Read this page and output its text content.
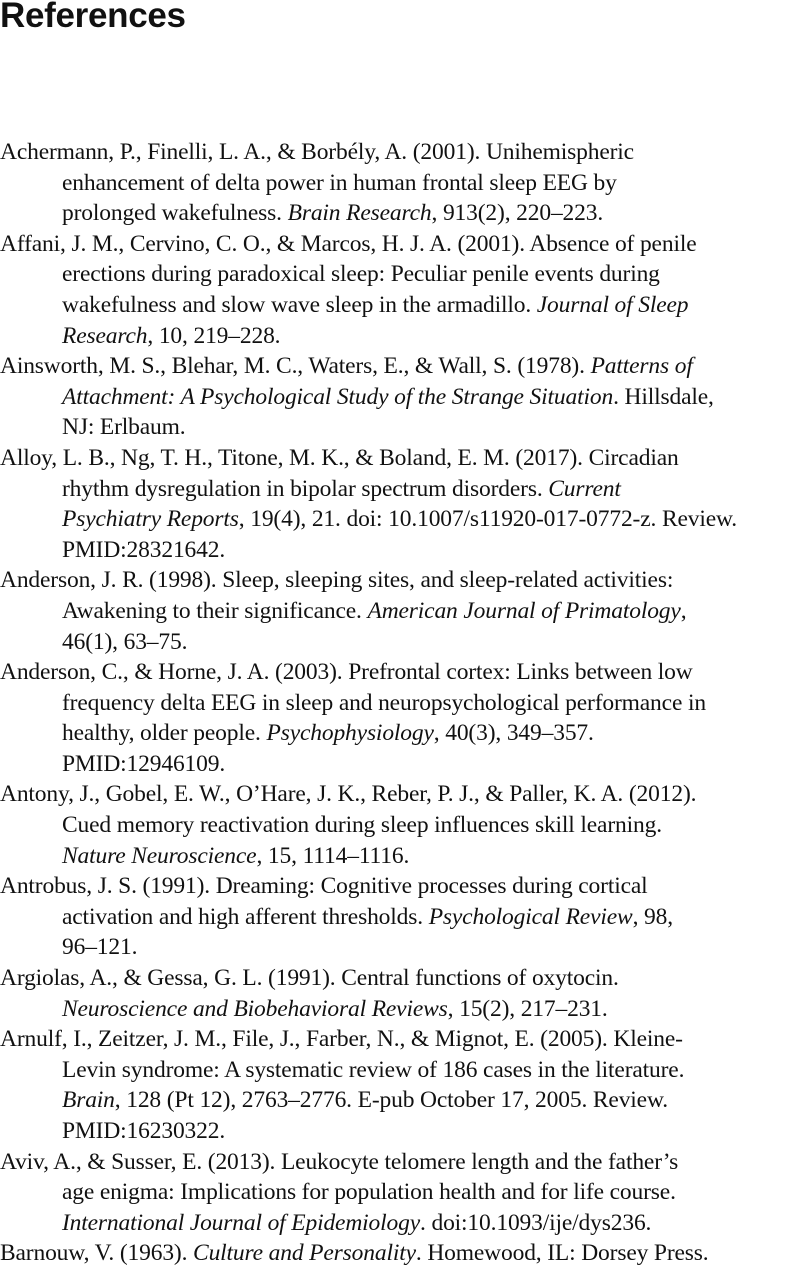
References
Achermann, P., Finelli, L. A., & Borbély, A. (2001). Unihemispheric
enhancement of delta power in human frontal sleep EEG by
prolonged wakefulness. Brain Research, 913(2), 220–223.
Affani, J. M., Cervino, C. O., & Marcos, H. J. A. (2001). Absence of penile
erections during paradoxical sleep: Peculiar penile events during
wakefulness and slow wave sleep in the armadillo. Journal of Sleep
Research, 10, 219–228.
Ainsworth, M. S., Blehar, M. C., Waters, E., & Wall, S. (1978). Patterns of
Attachment: A Psychological Study of the Strange Situation. Hillsdale,
NJ: Erlbaum.
Alloy, L. B., Ng, T. H., Titone, M. K., & Boland, E. M. (2017). Circadian
rhythm dysregulation in bipolar spectrum disorders. Current
Psychiatry Reports, 19(4), 21. doi: 10.1007/s11920-017-0772-z. Review.
PMID:28321642.
Anderson, J. R. (1998). Sleep, sleeping sites, and sleep-related activities:
Awakening to their significance. American Journal of Primatology,
46(1), 63–75.
Anderson, C., & Horne, J. A. (2003). Prefrontal cortex: Links between low
frequency delta EEG in sleep and neuropsychological performance in
healthy, older people. Psychophysiology, 40(3), 349–357.
PMID:12946109.
Antony, J., Gobel, E. W., O’Hare, J. K., Reber, P. J., & Paller, K. A. (2012).
Cued memory reactivation during sleep influences skill learning.
Nature Neuroscience, 15, 1114–1116.
Antrobus, J. S. (1991). Dreaming: Cognitive processes during cortical
activation and high afferent thresholds. Psychological Review, 98,
96–121.
Argiolas, A., & Gessa, G. L. (1991). Central functions of oxytocin.
Neuroscience and Biobehavioral Reviews, 15(2), 217–231.
Arnulf, I., Zeitzer, J. M., File, J., Farber, N., & Mignot, E. (2005). Kleine-
Levin syndrome: A systematic review of 186 cases in the literature.
Brain, 128 (Pt 12), 2763–2776. E-pub October 17, 2005. Review.
PMID:16230322.
Aviv, A., & Susser, E. (2013). Leukocyte telomere length and the father’s
age enigma: Implications for population health and for life course.
International Journal of Epidemiology. doi:10.1093/ije/dys236.
Barnouw, V. (1963). Culture and Personality. Homewood, IL: Dorsey Press.
